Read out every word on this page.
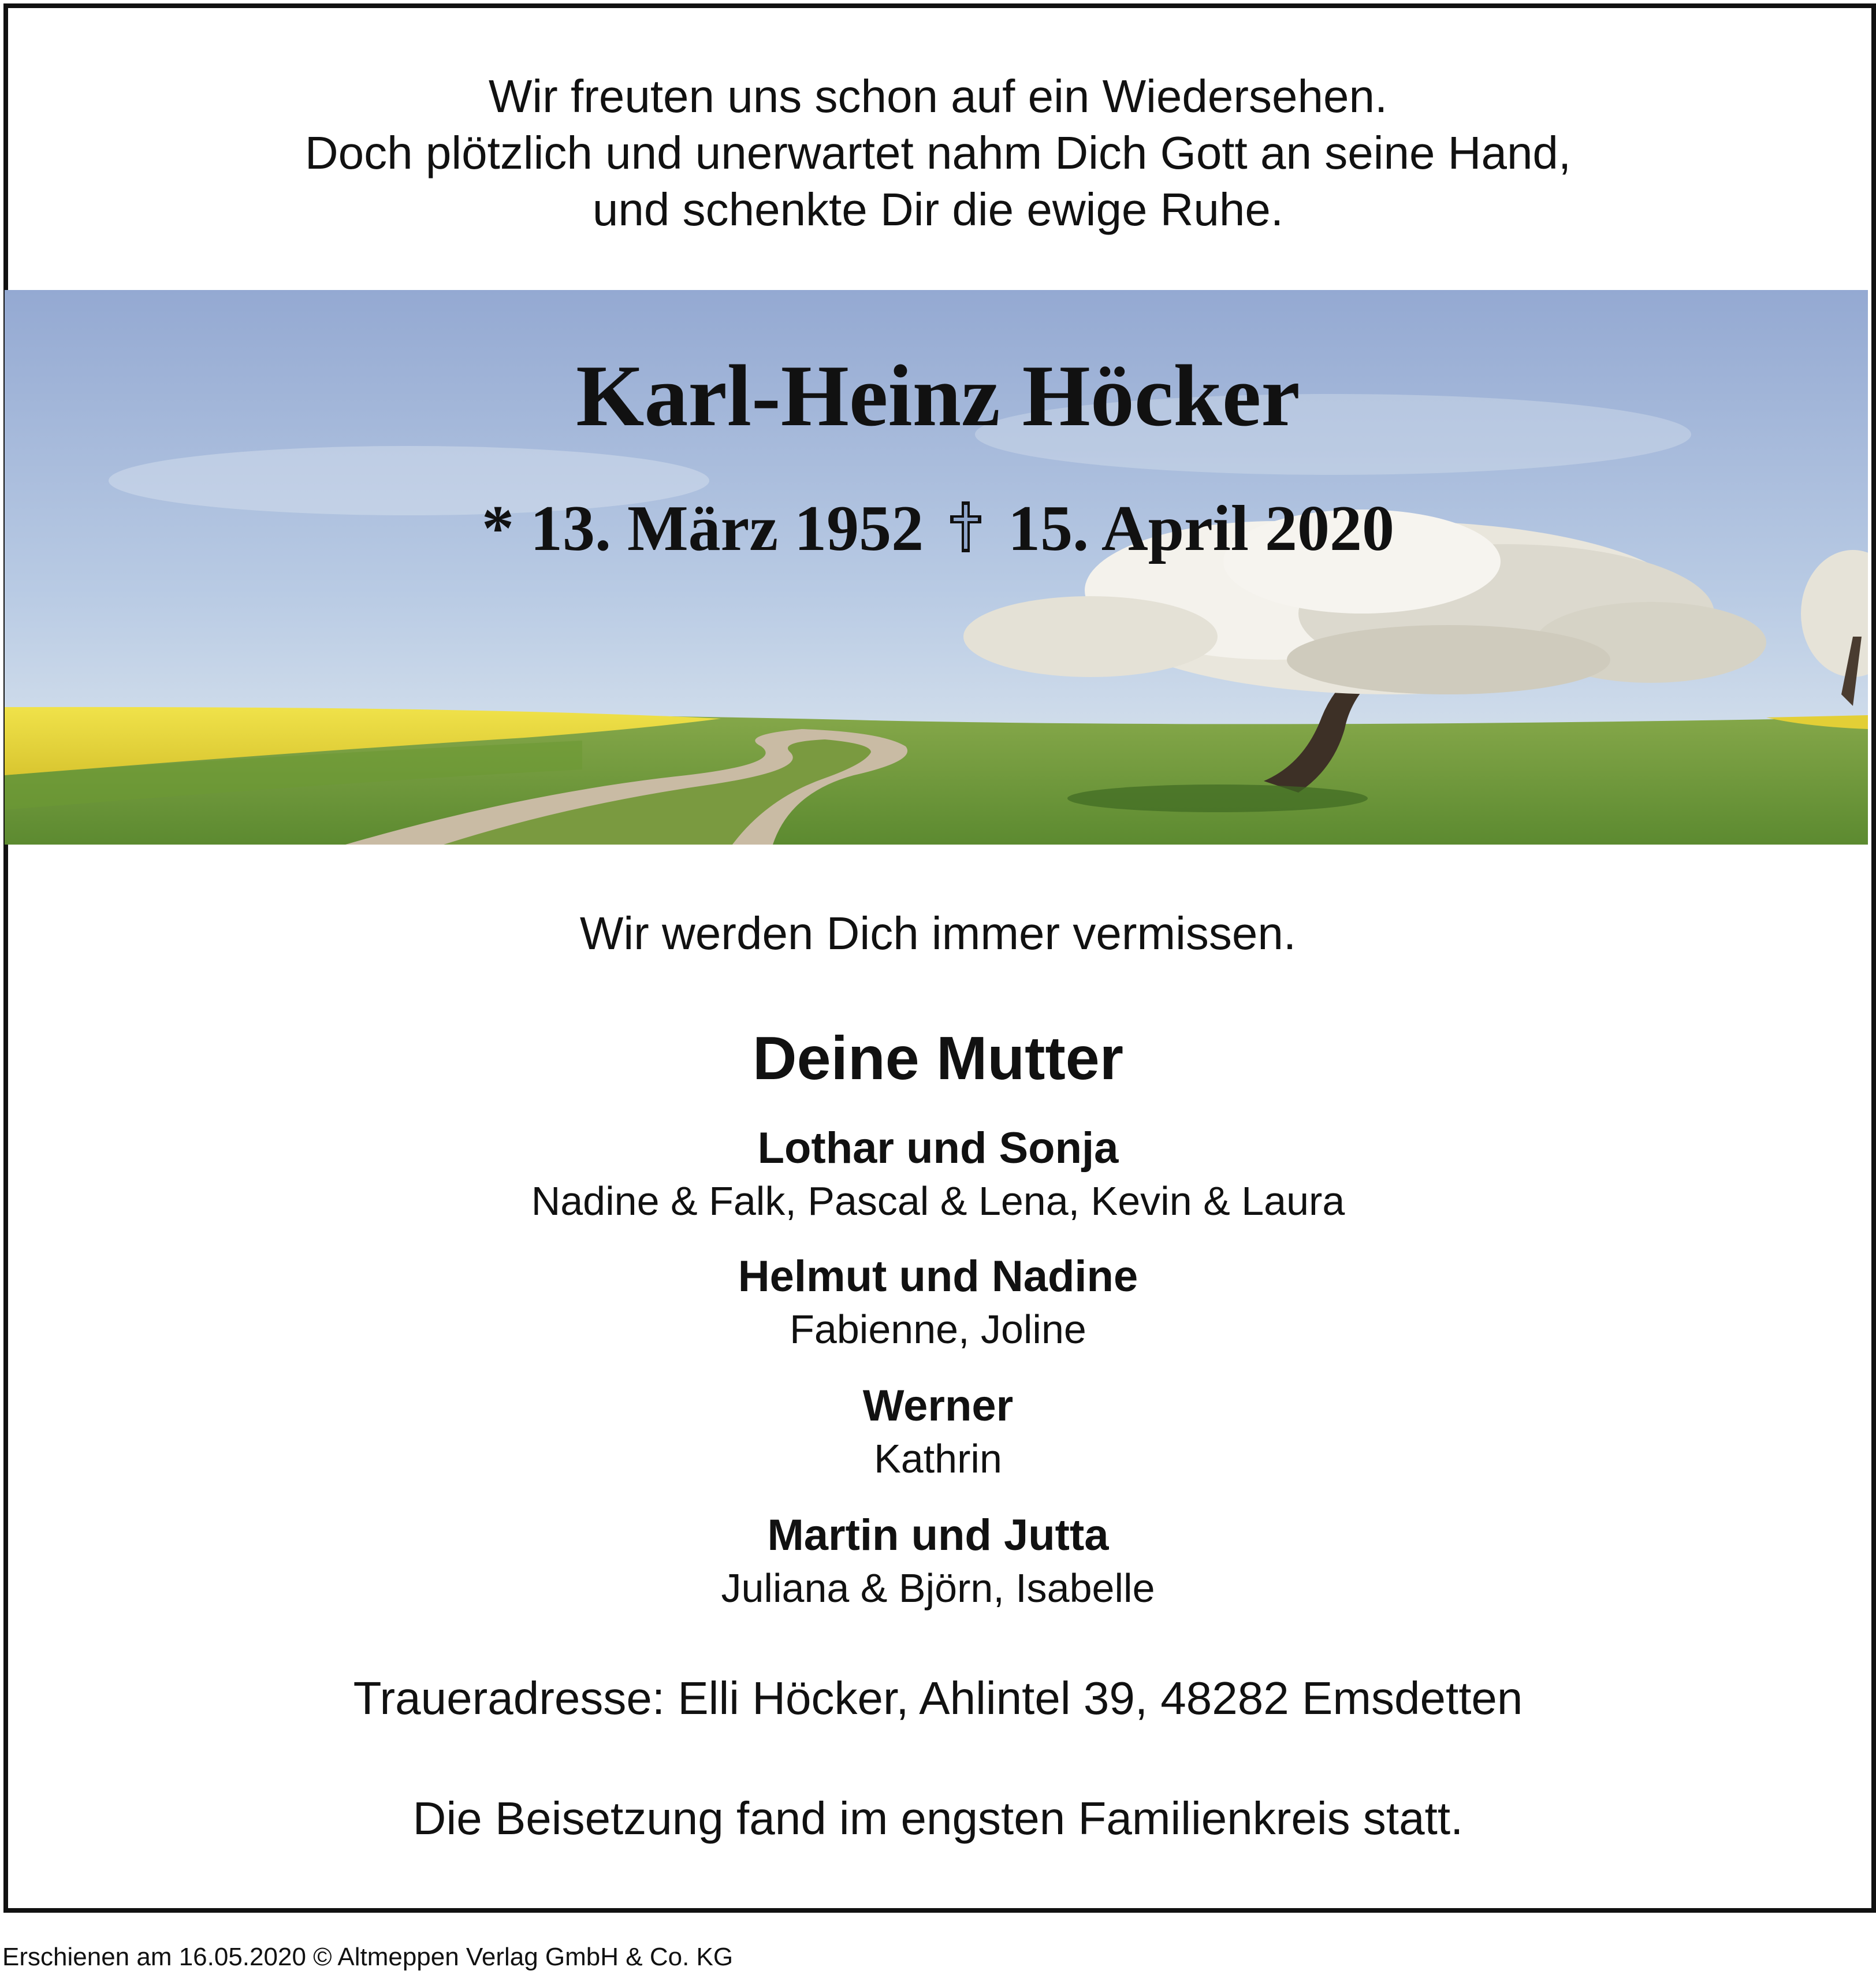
Wir freuten uns schon auf ein Wiedersehen.
Doch plötzlich und unerwartet nahm Dich Gott an seine Hand,
und schenkte Dir die ewige Ruhe.
Karl-Heinz Höcker
* 13. März 1952 15. April 2020
Wir werden Dich immer vermissen.
Deine Mutter
Lothar und Sonja
Nadine & Falk, Pascal & Lena, Kevin & Laura
Helmut und Nadine
Fabienne, Joline
Werner
Kathrin
Martin und Jutta
Juliana & Björn, Isabelle
Traueradresse: Elli Höcker, Ahlintel 39, 48282 Emsdetten
Die Beisetzung fand im engsten Familienkreis statt.
Erschienen am 16.05.2020 © Altmeppen Verlag GmbH & Co. KG
